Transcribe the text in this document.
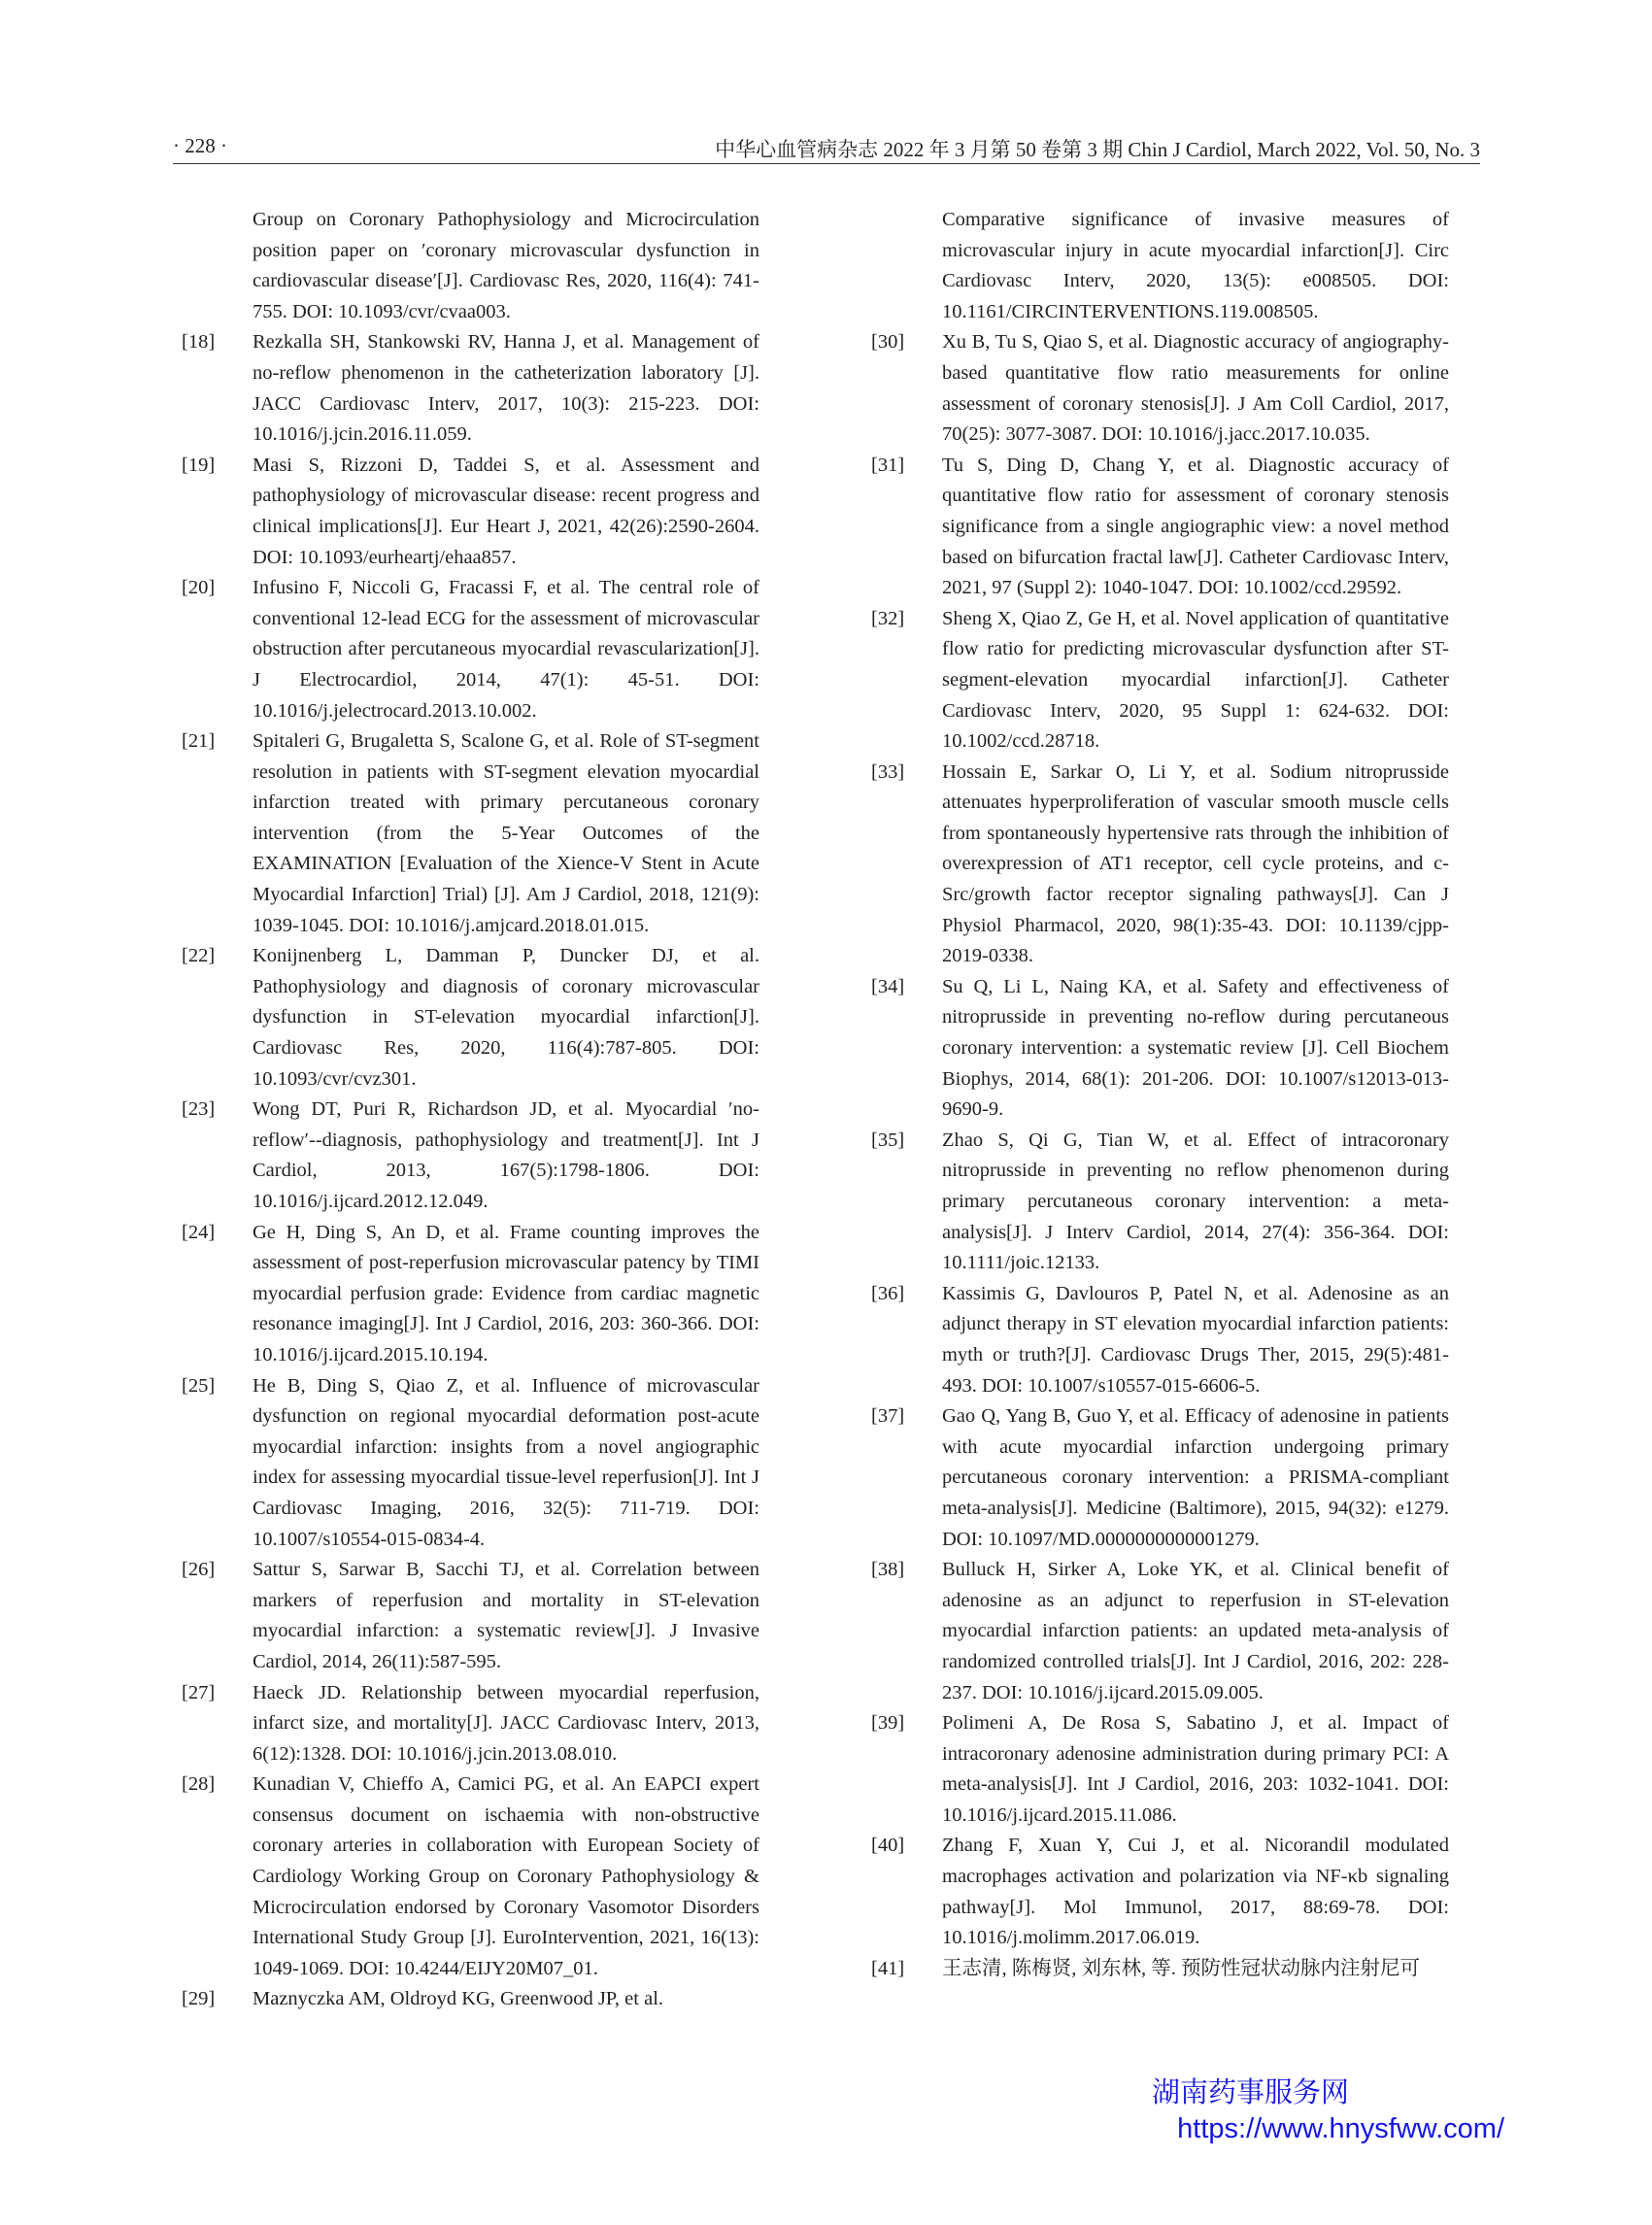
· 228 ·	中华心血管病杂志 2022 年 3 月第 50 卷第 3 期 Chin J Cardiol, March 2022, Vol. 50, No. 3
Group on Coronary Pathophysiology and Microcirculation position paper on ′coronary microvascular dysfunction in cardiovascular disease′[J]. Cardiovasc Res, 2020, 116(4): 741-755. DOI: 10.1093/cvr/cvaa003.
[18]	Rezkalla SH, Stankowski RV, Hanna J, et al. Management of no-reflow phenomenon in the catheterization laboratory [J]. JACC Cardiovasc Interv, 2017, 10(3): 215-223. DOI: 10.1016/j.jcin.2016.11.059.
[19]	Masi S, Rizzoni D, Taddei S, et al. Assessment and pathophysiology of microvascular disease: recent progress and clinical implications[J]. Eur Heart J, 2021, 42(26):2590-2604. DOI: 10.1093/eurheartj/ehaa857.
[20]	Infusino F, Niccoli G, Fracassi F, et al. The central role of conventional 12-lead ECG for the assessment of microvascular obstruction after percutaneous myocardial revascularization[J]. J Electrocardiol, 2014, 47(1): 45-51. DOI: 10.1016/j.jelectrocard.2013.10.002.
[21]	Spitaleri G, Brugaletta S, Scalone G, et al. Role of ST-segment resolution in patients with ST-segment elevation myocardial infarction treated with primary percutaneous coronary intervention (from the 5-Year Outcomes of the EXAMINATION [Evaluation of the Xience-V Stent in Acute Myocardial Infarction] Trial) [J]. Am J Cardiol, 2018, 121(9): 1039-1045. DOI: 10.1016/j.amjcard.2018.01.015.
[22]	Konijnenberg L, Damman P, Duncker DJ, et al. Pathophysiology and diagnosis of coronary microvascular dysfunction in ST-elevation myocardial infarction[J]. Cardiovasc Res, 2020, 116(4):787-805. DOI: 10.1093/cvr/cvz301.
[23]	Wong DT, Puri R, Richardson JD, et al. Myocardial ′no-reflow′--diagnosis, pathophysiology and treatment[J]. Int J Cardiol, 2013, 167(5):1798-1806. DOI: 10.1016/j.ijcard.2012.12.049.
[24]	Ge H, Ding S, An D, et al. Frame counting improves the assessment of post-reperfusion microvascular patency by TIMI myocardial perfusion grade: Evidence from cardiac magnetic resonance imaging[J]. Int J Cardiol, 2016, 203: 360-366. DOI: 10.1016/j.ijcard.2015.10.194.
[25]	He B, Ding S, Qiao Z, et al. Influence of microvascular dysfunction on regional myocardial deformation post-acute myocardial infarction: insights from a novel angiographic index for assessing myocardial tissue-level reperfusion[J]. Int J Cardiovasc Imaging, 2016, 32(5): 711-719. DOI: 10.1007/s10554-015-0834-4.
[26]	Sattur S, Sarwar B, Sacchi TJ, et al. Correlation between markers of reperfusion and mortality in ST-elevation myocardial infarction: a systematic review[J]. J Invasive Cardiol, 2014, 26(11):587-595.
[27]	Haeck JD. Relationship between myocardial reperfusion, infarct size, and mortality[J]. JACC Cardiovasc Interv, 2013, 6(12):1328. DOI: 10.1016/j.jcin.2013.08.010.
[28]	Kunadian V, Chieffo A, Camici PG, et al. An EAPCI expert consensus document on ischaemia with non-obstructive coronary arteries in collaboration with European Society of Cardiology Working Group on Coronary Pathophysiology & Microcirculation endorsed by Coronary Vasomotor Disorders International Study Group [J]. EuroIntervention, 2021, 16(13): 1049-1069. DOI: 10.4244/EIJY20M07_01.
[29]	Maznyczka AM, Oldroyd KG, Greenwood JP, et al.
Comparative significance of invasive measures of microvascular injury in acute myocardial infarction[J]. Circ Cardiovasc Interv, 2020, 13(5): e008505. DOI: 10.1161/CIRCINTERVENTIONS.119.008505.
[30]	Xu B, Tu S, Qiao S, et al. Diagnostic accuracy of angiography-based quantitative flow ratio measurements for online assessment of coronary stenosis[J]. J Am Coll Cardiol, 2017, 70(25): 3077-3087. DOI: 10.1016/j.jacc.2017.10.035.
[31]	Tu S, Ding D, Chang Y, et al. Diagnostic accuracy of quantitative flow ratio for assessment of coronary stenosis significance from a single angiographic view: a novel method based on bifurcation fractal law[J]. Catheter Cardiovasc Interv, 2021, 97 (Suppl 2): 1040-1047. DOI: 10.1002/ccd.29592.
[32]	Sheng X, Qiao Z, Ge H, et al. Novel application of quantitative flow ratio for predicting microvascular dysfunction after ST-segment-elevation myocardial infarction[J]. Catheter Cardiovasc Interv, 2020, 95 Suppl 1: 624-632. DOI: 10.1002/ccd.28718.
[33]	Hossain E, Sarkar O, Li Y, et al. Sodium nitroprusside attenuates hyperproliferation of vascular smooth muscle cells from spontaneously hypertensive rats through the inhibition of overexpression of AT1 receptor, cell cycle proteins, and c-Src/growth factor receptor signaling pathways[J]. Can J Physiol Pharmacol, 2020, 98(1):35-43. DOI: 10.1139/cjpp-2019-0338.
[34]	Su Q, Li L, Naing KA, et al. Safety and effectiveness of nitroprusside in preventing no-reflow during percutaneous coronary intervention: a systematic review [J]. Cell Biochem Biophys, 2014, 68(1): 201-206. DOI: 10.1007/s12013-013-9690-9.
[35]	Zhao S, Qi G, Tian W, et al. Effect of intracoronary nitroprusside in preventing no reflow phenomenon during primary percutaneous coronary intervention: a meta-analysis[J]. J Interv Cardiol, 2014, 27(4): 356-364. DOI: 10.1111/joic.12133.
[36]	Kassimis G, Davlouros P, Patel N, et al. Adenosine as an adjunct therapy in ST elevation myocardial infarction patients: myth or truth?[J]. Cardiovasc Drugs Ther, 2015, 29(5):481-493. DOI: 10.1007/s10557-015-6606-5.
[37]	Gao Q, Yang B, Guo Y, et al. Efficacy of adenosine in patients with acute myocardial infarction undergoing primary percutaneous coronary intervention: a PRISMA-compliant meta-analysis[J]. Medicine (Baltimore), 2015, 94(32): e1279. DOI: 10.1097/MD.0000000000001279.
[38]	Bulluck H, Sirker A, Loke YK, et al. Clinical benefit of adenosine as an adjunct to reperfusion in ST-elevation myocardial infarction patients: an updated meta-analysis of randomized controlled trials[J]. Int J Cardiol, 2016, 202: 228-237. DOI: 10.1016/j.ijcard.2015.09.005.
[39]	Polimeni A, De Rosa S, Sabatino J, et al. Impact of intracoronary adenosine administration during primary PCI: A meta-analysis[J]. Int J Cardiol, 2016, 203: 1032-1041. DOI: 10.1016/j.ijcard.2015.11.086.
[40]	Zhang F, Xuan Y, Cui J, et al. Nicorandil modulated macrophages activation and polarization via NF-κb signaling pathway[J]. Mol Immunol, 2017, 88:69-78. DOI: 10.1016/j.molimm.2017.06.019.
[41]	王志清, 陈梅贤, 刘东林, 等. 预防性冠状动脉内注射尼可
湖南药事服务网
https://www.hnysfww.com/
